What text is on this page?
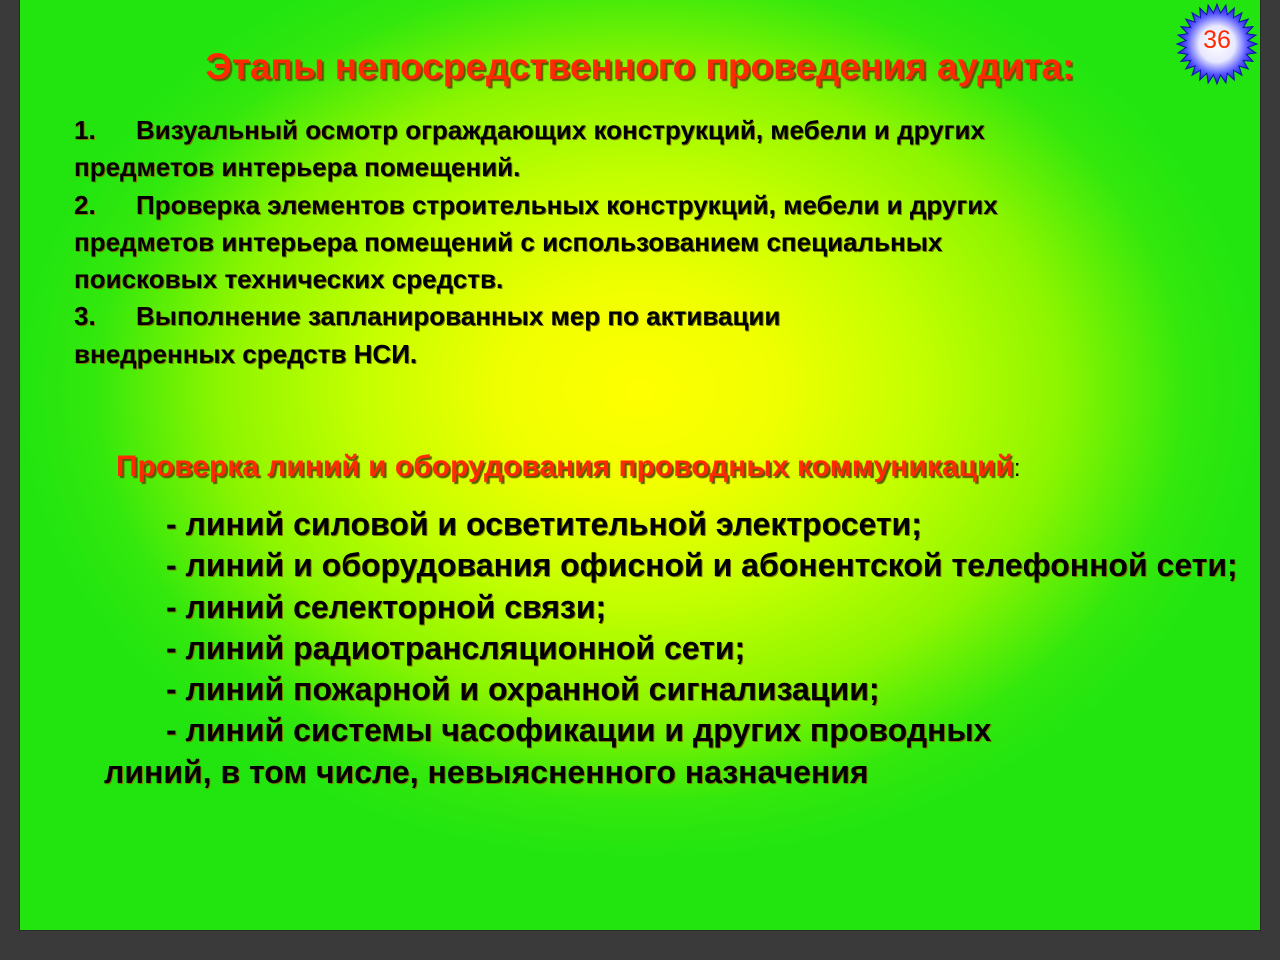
Этапы непосредственного проведения аудита:
36

1. Визуальный осмотр ограждающих конструкций, мебели и других

предметов интерьера помещений.

2. Проверка элементов строительных конструкций, мебели и других

предметов интерьера помещений с использованием специальных

поисковых технических средств.

3. Выполнение запланированных мер по активации

внедренных средств НСИ.

Проверка линий и оборудования проводных коммуникаций:

- линий силовой и осветительной электросети;

- линий и оборудования офисной и абонентской телефонной сети;

- линий селекторной связи;

- линий радиотрансляционной сети;

- линий пожарной и охранной сигнализации;

- линий системы часофикации и других проводных

линий, в том числе, невыясненного назначения
